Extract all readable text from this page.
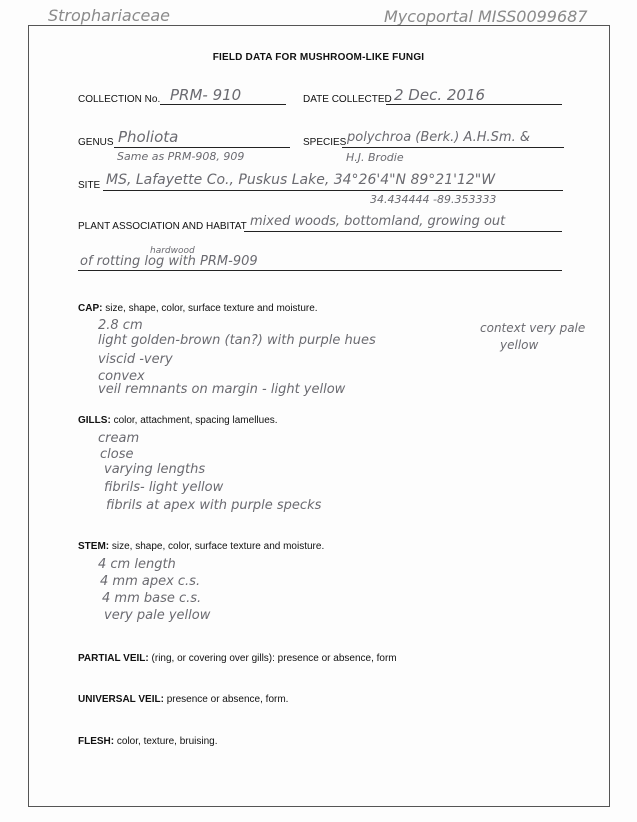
Strophariaceae	Mycoportal MISS0099687
FIELD DATA FOR MUSHROOM-LIKE FUNGI
COLLECTION No. PRM- 910	DATE COLLECTED 2 Dec. 2016
GENUS Pholiota
Same as PRM-908, 909
SPECIES polychroa (Berk.) A.H.Sm. &
H.J. Brodie
SITE MS, Lafayette Co., Puskus Lake, 34°26'4"N 89°21'12"W
34.434444 -89.353333
PLANT ASSOCIATION AND HABITAT mixed woods, bottomland, growing out
hardwood
of rotting log with PRM-909
CAP: size, shape, color, surface texture and moisture.
2.8 cm
light golden-brown (tan?) with purple hues
viscid -very
convex
veil remnants on margin - light yellow
context very pale
yellow
GILLS: color, attachment, spacing lamellues.
cream
close
varying lengths
fibrils- light yellow
fibrils at apex with purple specks
STEM: size, shape, color, surface texture and moisture.
4 cm length
4 mm apex c.s.
4 mm base c.s.
very pale yellow
PARTIAL VEIL: (ring, or covering over gills): presence or absence, form
UNIVERSAL VEIL: presence or absence, form.
FLESH: color, texture, bruising.
